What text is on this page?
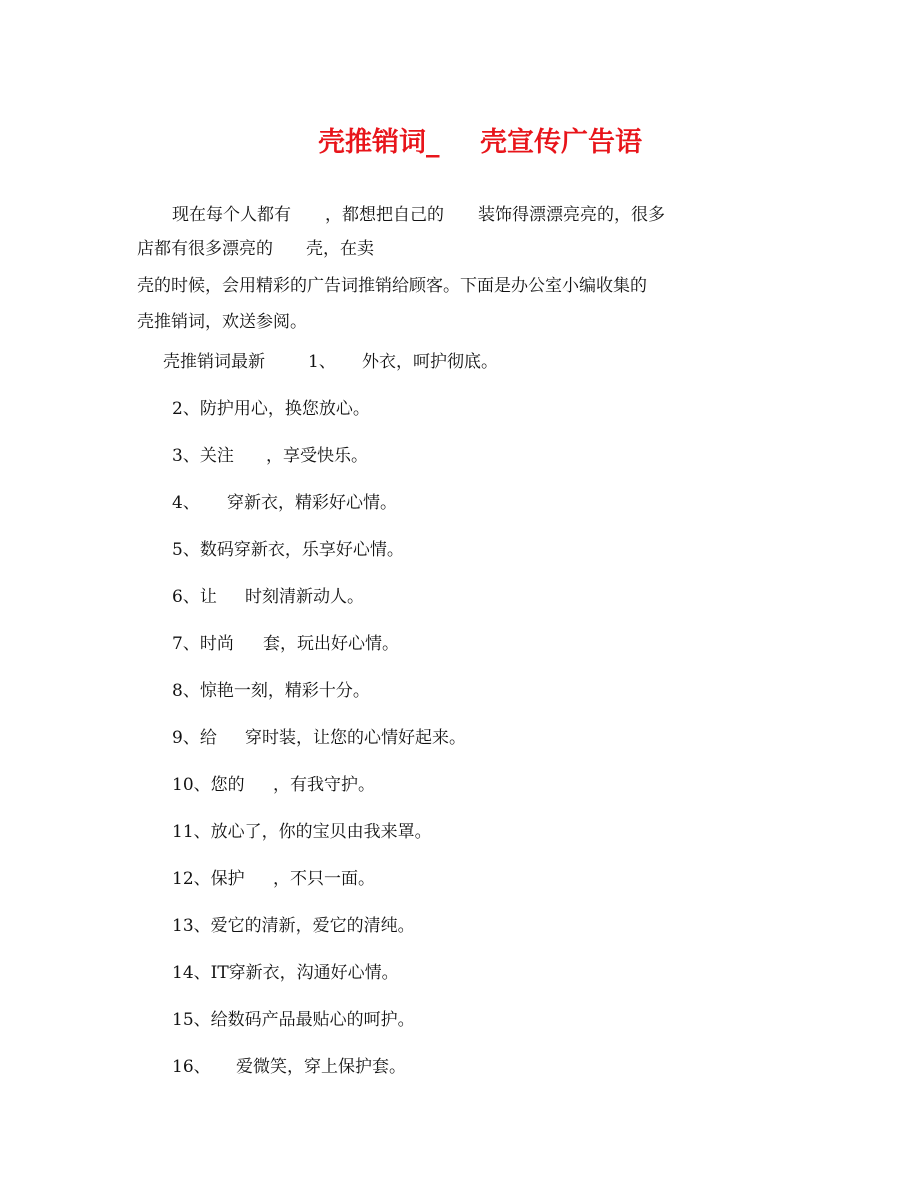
壳推销词_ 壳宣传广告语

现在每个人都有

，都想把自己的

装饰得漂漂亮亮的，很多

店都有很多漂亮的

壳，在卖

壳的时候，会用精彩的广告词推销给顾客。下面是办公室小编收集的
壳推销词，欢送参阅。

壳推销词最新

	1、

外衣，呵护彻底。

2、防护用心，换您放心。

3、关注

，享受快乐。

4、

穿新衣，精彩好心情。

5、数码穿新衣，乐享好心情。

6、让

时刻清新动人。

7、时尚

套，玩出好心情。

8、惊艳一刻，精彩十分。

9、给

穿时装，让您的心情好起来。

10、您的

，有我守护。

11、放心了，你的宝贝由我来罩。

12、保护

，不只一面。

13、爱它的清新，爱它的清纯。
14、IT穿新衣，沟通好心情。
15、给数码产品最贴心的呵护。

16、

爱微笑，穿上保护套。
